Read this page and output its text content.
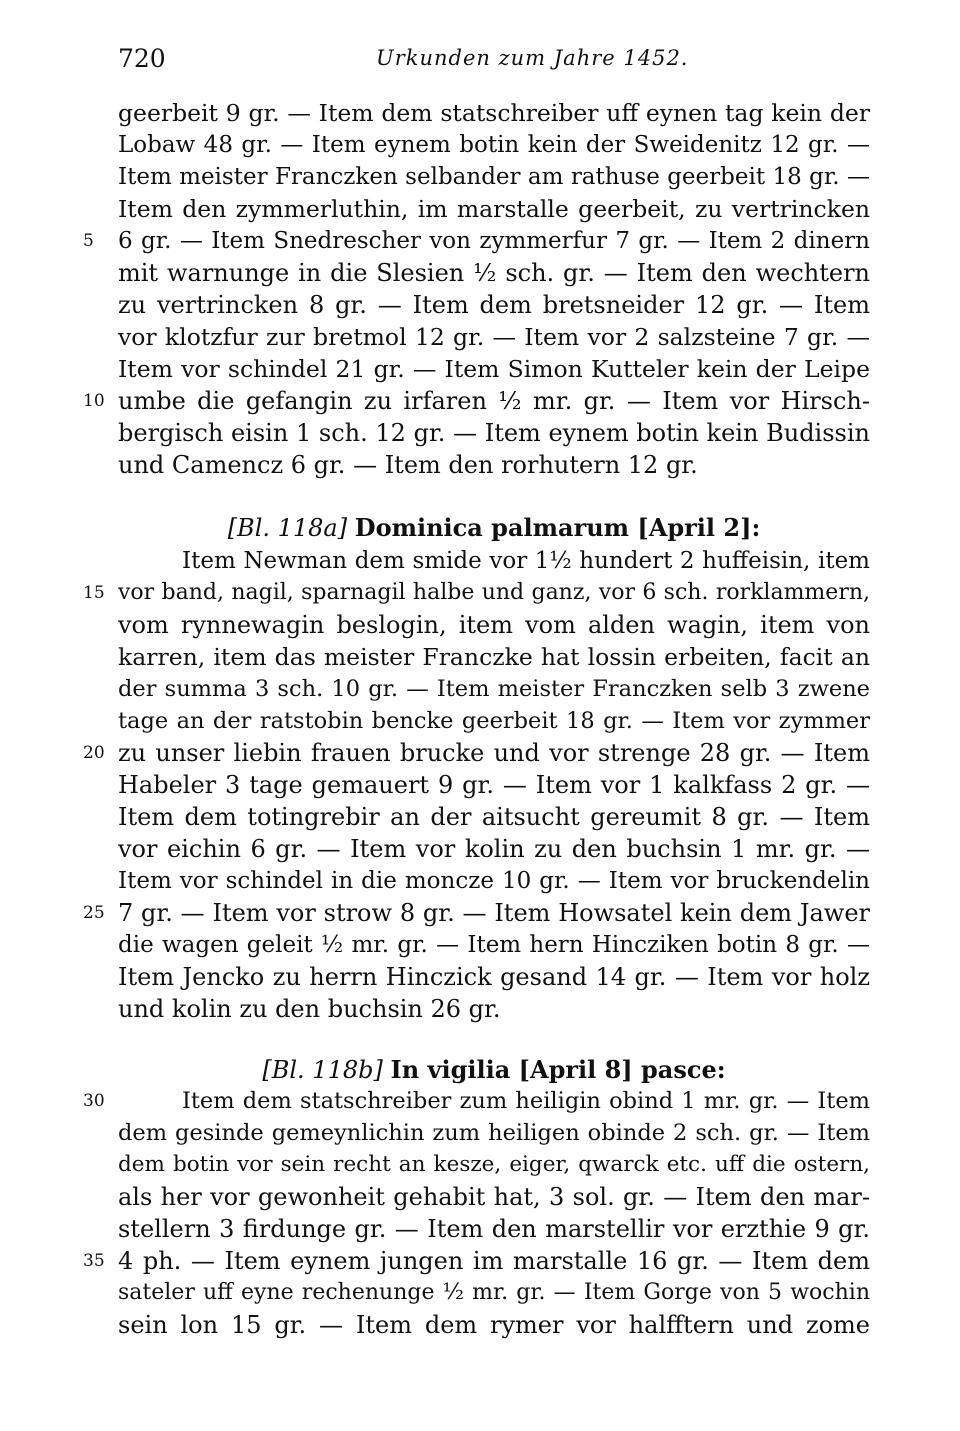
720	Urkunden zum Jahre 1452.
geerbeit 9 gr. — Item dem statschreiber uff eynen tag kein der
Lobaw 48 gr. — Item eynem botin kein der Sweidenitz 12 gr. —
Item meister Franczken selbander am rathuse geerbeit 18 gr. —
Item den zymmerluthin, im marstalle geerbeit, zu vertrincken
5	6 gr. — Item Snedrescher von zymmerfur 7 gr. — Item 2 dinern
mit warnunge in die Slesien ½ sch. gr. — Item den wechtern
zu vertrincken 8 gr. — Item dem bretsneider 12 gr. — Item
vor klotzfur zur bretmol 12 gr. — Item vor 2 salzsteine 7 gr. —
Item vor schindel 21 gr. — Item Simon Kutteler kein der Leipe
10 umbe die gefangin zu irfaren ½ mr. gr. — Item vor Hirsch-
bergisch eisin 1 sch. 12 gr. — Item eynem botin kein Budissin
und Camencz 6 gr. — Item den rorhutern 12 gr.
[Bl. 118a] Dominica palmarum [April 2]:
Item Newman dem smide vor 1½ hundert 2 huffeisin, item
15 vor band, nagil, sparnagil halbe und ganz, vor 6 sch. rorklammern,
vom rynnewagin beslogin, item vom alden wagin, item von
karren, item das meister Franczke hat lossin erbeiten, facit an
der summa 3 sch. 10 gr. — Item meister Franczken selb 3 zwene
tage an der ratstobin bencke geerbeit 18 gr. — Item vor zymmer
20 zu unser liebin frauen brucke und vor strenge 28 gr. — Item
Habeler 3 tage gemauert 9 gr. — Item vor 1 kalkfass 2 gr. —
Item dem totingrebir an der aitsucht gereumit 8 gr. — Item
vor eichin 6 gr. — Item vor kolin zu den buchsin 1 mr. gr. —
Item vor schindel in die moncze 10 gr. — Item vor bruckendelin
25 7 gr. — Item vor strow 8 gr. — Item Howsatel kein dem Jawer
die wagen geleit ½ mr. gr. — Item hern Hincziken botin 8 gr. —
Item Jencko zu herrn Hinczick gesand 14 gr. — Item vor holz
und kolin zu den buchsin 26 gr.
[Bl. 118b] In vigilia [April 8] pasce:
30	Item dem statschreiber zum heiligin obind 1 mr. gr. — Item
dem gesinde gemeynlichin zum heiligen obinde 2 sch. gr. — Item
dem botin vor sein recht an kesze, eiger, qwarck etc. uff die ostern,
als her vor gewonheit gehabit hat, 3 sol. gr. — Item den mar-
stellern 3 firdunge gr. — Item den marstellir vor erzthie 9 gr.
35 4 ph. — Item eynem jungen im marstalle 16 gr. — Item dem
sateler uff eyne rechenunge ½ mr. gr. — Item Gorge von 5 wochin
sein lon 15 gr. — Item dem rymer vor halfftern und zome
